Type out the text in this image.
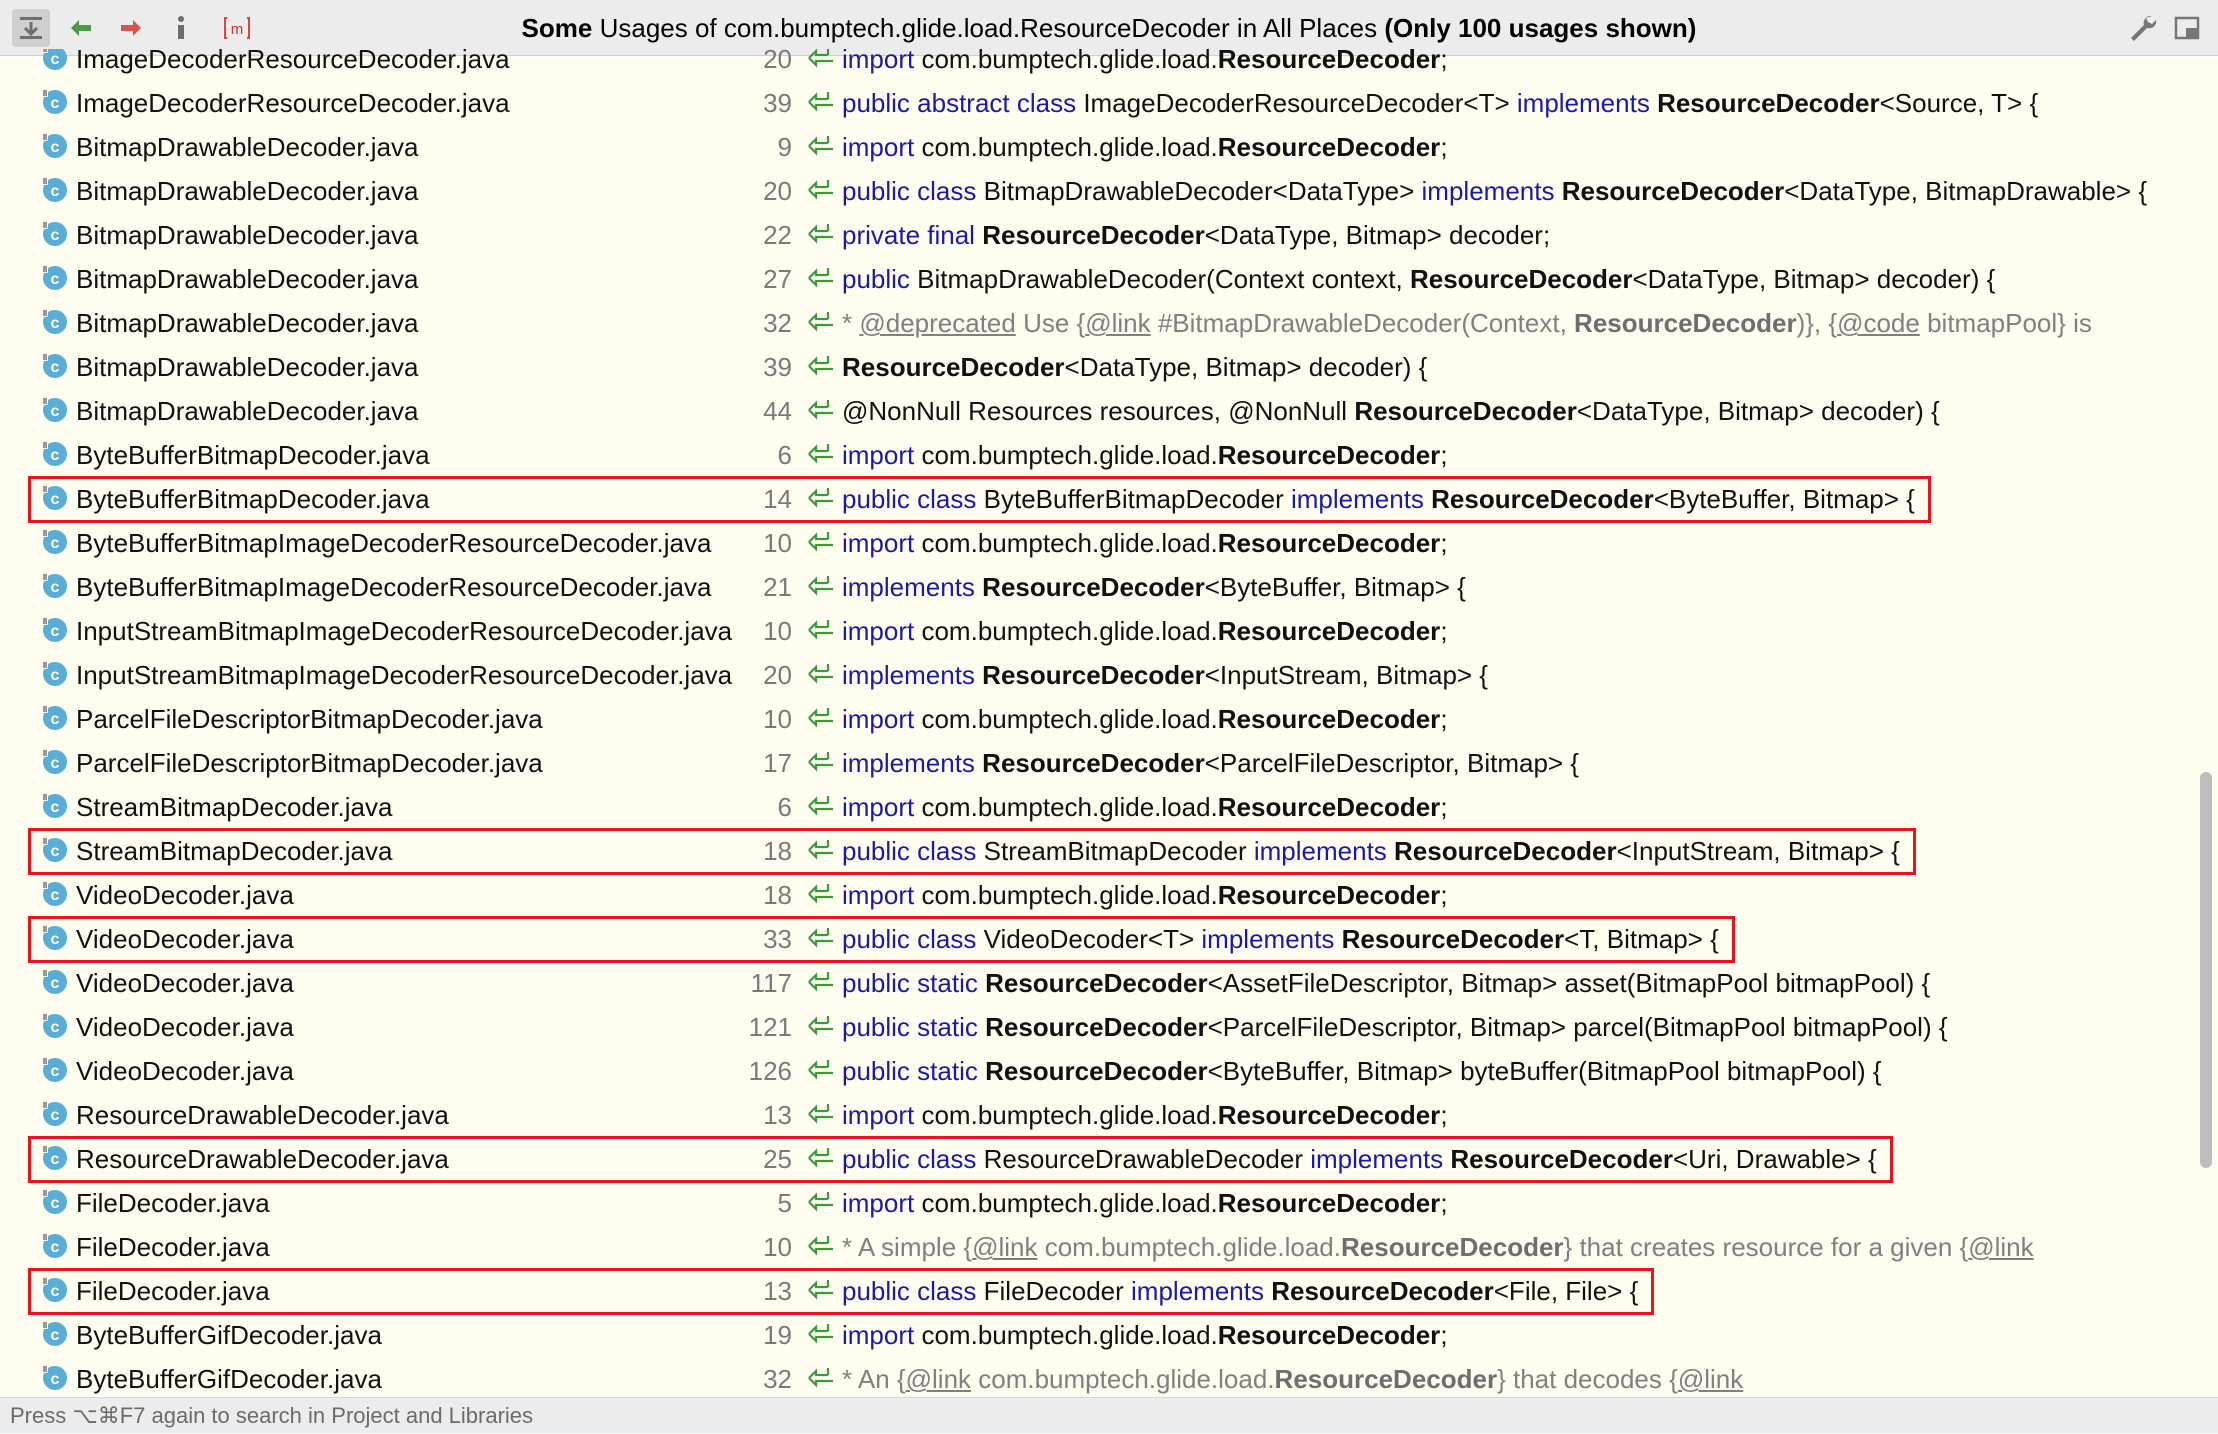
m	Some Usages of com.bumptech.glide.load.ResourceDecoder in All Places (Only 100 usages shown)
c ImageDecoderResourceDecoder.java	20 import com.bumptech.glide.load.ResourceDecoder;
c ImageDecoderResourceDecoder.java	39 public abstract class ImageDecoderResourceDecoder<T> implements ResourceDecoder<Source, T> {
c BitmapDrawableDecoder.java	9 import com.bumptech.glide.load.ResourceDecoder;
c BitmapDrawableDecoder.java	20 public class BitmapDrawableDecoder<DataType> implements ResourceDecoder<DataType, BitmapDrawable> {
c BitmapDrawableDecoder.java	22 private final ResourceDecoder<DataType, Bitmap> decoder;
c BitmapDrawableDecoder.java	27 public BitmapDrawableDecoder(Context context, ResourceDecoder<DataType, Bitmap> decoder) {
c BitmapDrawableDecoder.java	32 * @deprecated Use {@link #BitmapDrawableDecoder(Context, ResourceDecoder)}, {@code bitmapPool} is
c BitmapDrawableDecoder.java	39 ResourceDecoder<DataType, Bitmap> decoder) {
c BitmapDrawableDecoder.java	44 @NonNull Resources resources, @NonNull ResourceDecoder<DataType, Bitmap> decoder) {
c ByteBufferBitmapDecoder.java	6 import com.bumptech.glide.load.ResourceDecoder;
c ByteBufferBitmapDecoder.java	14 public class ByteBufferBitmapDecoder implements ResourceDecoder<ByteBuffer, Bitmap> {
c ByteBufferBitmapImageDecoderResourceDecoder.java	10 import com.bumptech.glide.load.ResourceDecoder;
c ByteBufferBitmapImageDecoderResourceDecoder.java	21 implements ResourceDecoder<ByteBuffer, Bitmap> {
c InputStreamBitmapImageDecoderResourceDecoder.java	10 import com.bumptech.glide.load.ResourceDecoder;
c InputStreamBitmapImageDecoderResourceDecoder.java	20 implements ResourceDecoder<InputStream, Bitmap> {
c ParcelFileDescriptorBitmapDecoder.java	10 import com.bumptech.glide.load.ResourceDecoder;
c ParcelFileDescriptorBitmapDecoder.java	17 implements ResourceDecoder<ParcelFileDescriptor, Bitmap> {
c StreamBitmapDecoder.java	6 import com.bumptech.glide.load.ResourceDecoder;
c StreamBitmapDecoder.java	18 public class StreamBitmapDecoder implements ResourceDecoder<InputStream, Bitmap> {
c VideoDecoder.java	18 import com.bumptech.glide.load.ResourceDecoder;
c VideoDecoder.java	33 public class VideoDecoder<T> implements ResourceDecoder<T, Bitmap> {
c VideoDecoder.java	117 public static ResourceDecoder<AssetFileDescriptor, Bitmap> asset(BitmapPool bitmapPool) {
c VideoDecoder.java	121 public static ResourceDecoder<ParcelFileDescriptor, Bitmap> parcel(BitmapPool bitmapPool) {
c VideoDecoder.java	126 public static ResourceDecoder<ByteBuffer, Bitmap> byteBuffer(BitmapPool bitmapPool) {
c ResourceDrawableDecoder.java	13 import com.bumptech.glide.load.ResourceDecoder;
c ResourceDrawableDecoder.java	25 public class ResourceDrawableDecoder implements ResourceDecoder<Uri, Drawable> {
c FileDecoder.java	5 import com.bumptech.glide.load.ResourceDecoder;
c FileDecoder.java	10 * A simple {@link com.bumptech.glide.load.ResourceDecoder} that creates resource for a given {@link
c FileDecoder.java	13 public class FileDecoder implements ResourceDecoder<File, File> {
c ByteBufferGifDecoder.java	19 import com.bumptech.glide.load.ResourceDecoder;
c ByteBufferGifDecoder.java	32 * An {@link com.bumptech.glide.load.ResourceDecoder} that decodes {@link
Press ⌥⌘F7 again to search in Project and Libraries
